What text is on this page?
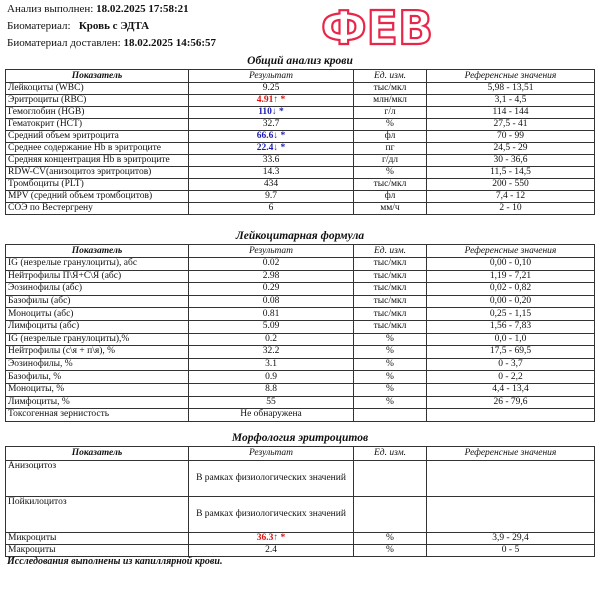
Анализ выполнен: 18.02.2025 17:58:21
Биоматериал: Кровь с ЭДТА
Биоматериал доставлен: 18.02.2025 14:56:57 ФЕВ
Общий анализ крови
Показатель	Результат	Ед. изм.	Референсные значения
Лейкоциты (WBC)	9.25	тыс/мкл	5,98 - 13,51
Эритроциты (RBC)	4.91↑ *	млн/мкл	3,1 - 4,5
Гемоглобин (HGB)	110↓ *	г/л	114 - 144
Гематокрит (HCT)	32.7	%	27,5 - 41
Средний объем эритроцита	66.6↓ *	фл	70 - 99
Среднее содержание Hb в эритроците	22.4↓ *	пг	24,5 - 29
Средняя концентрация Hb в эритроците	33.6	г/дл	30 - 36,6
RDW-CV(анизоцитоз эритроцитов)	14.3	%	11,5 - 14,5
Тромбоциты (PLT)	434	тыс/мкл	200 - 550
MPV (средний объем тромбоцитов)	9.7	фл	7,4 - 12
СОЭ по Вестергрену	6	мм/ч	2 - 10
Лейкоцитарная формула
Показатель	Результат	Ед. изм.	Референсные значения
IG (незрелые гранулоциты), абс	0.02	тыс/мкл	0,00 - 0,10
Нейтрофилы П\Я+С\Я (абс)	2.98	тыс/мкл	1,19 - 7,21
Эозинофилы (абс)	0.29	тыс/мкл	0,02 - 0,82
Базофилы (абс)	0.08	тыс/мкл	0,00 - 0,20
Моноциты (абс)	0.81	тыс/мкл	0,25 - 1,15
Лимфоциты (абс)	5.09	тыс/мкл	1,56 - 7,83
IG (незрелые гранулоциты),%	0.2	%	0,0 - 1,0
Нейтрофилы (с\я + п\я), %	32.2	%	17,5 - 69,5
Эозинофилы, %	3.1	%	0 - 3,7
Базофилы, %	0.9	%	0 - 2,2
Моноциты, %	8.8	%	4,4 - 13,4
Лимфоциты, %	55	%	26 - 79,6
Токсогенная зернистость	Не обнаружена		
Морфология эритроцитов
Показатель	Результат	Ед. изм.	Референсные значения
Анизоцитоз	В рамках физиологических значений		
Пойкилоцитоз	В рамках физиологических значений		
Микроциты	36.3↑ *	%	3,9 - 29,4
Макроциты	2.4	%	0 - 5
Исследования выполнены из капиллярной крови.
